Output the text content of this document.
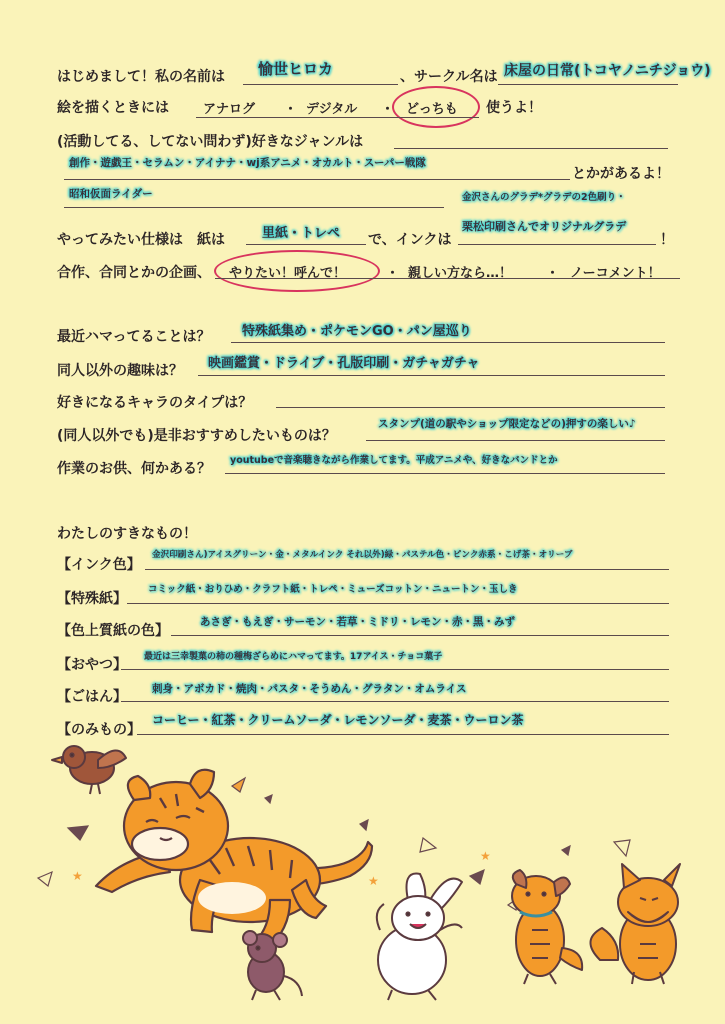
はじめまして！私の名前は 愉世ヒロカ	、サークル名は 床屋の日常(トコヤノニチジョウ)
絵を描くときには	アナログ ・ デジタル ・ どっちも 使うよ！
(活動してる、してない問わず)好きなジャンルは
創作・遊戯王・セラムン・アイナナ・wj系アニメ・オカルト・スーパー戦隊
とかがあるよ！
昭和仮面ライダー	金沢さんのグラデ*グラデの2色刷り・
やってみたい仕様は　紙は	里紙・トレペ で、インクは
栗松印刷さんでオリジナルグラデ
！
合作、合同とかの企画、 やりたい！呼んで！	・ 親しい方なら…！	・ ノーコメント！
最近ハマってることは？ 特殊紙集め・ポケモンGO・パン屋巡り
同人以外の趣味は？ 映画鑑賞・ドライブ・孔版印刷・ガチャガチャ
好きになるキャラのタイプは？
(同人以外でも)是非おすすめしたいものは？
スタンプ(道の駅やショップ限定などの)押すの楽しい♪
作業のお供、何かある？
youtubeで音楽聴きながら作業してます。平成アニメや、好きなバンドとか
わたしのすきなもの！
【インク色】
金沢印刷さん)アイスグリーン・金・メタルインク それ以外)緑・パステル色・ピンク赤系・こげ茶・オリーブ
【特殊紙】
コミック紙・おりひめ・クラフト紙・トレペ・ミューズコットン・ニュートン・玉しき
【色上質紙の色】
あさぎ・もえぎ・サーモン・若草・ミドリ・レモン・赤・黒・みず
【おやつ】 最近は三幸製菓の柿の種梅ざらめにハマってます。17アイス・チョコ菓子
【ごはん】 刺身・アボカド・焼肉・パスタ・そうめん・グラタン・オムライス
【のみもの】
コーヒー・紅茶・クリームソーダ・レモンソーダ・麦茶・ウーロン茶
★
★
★
